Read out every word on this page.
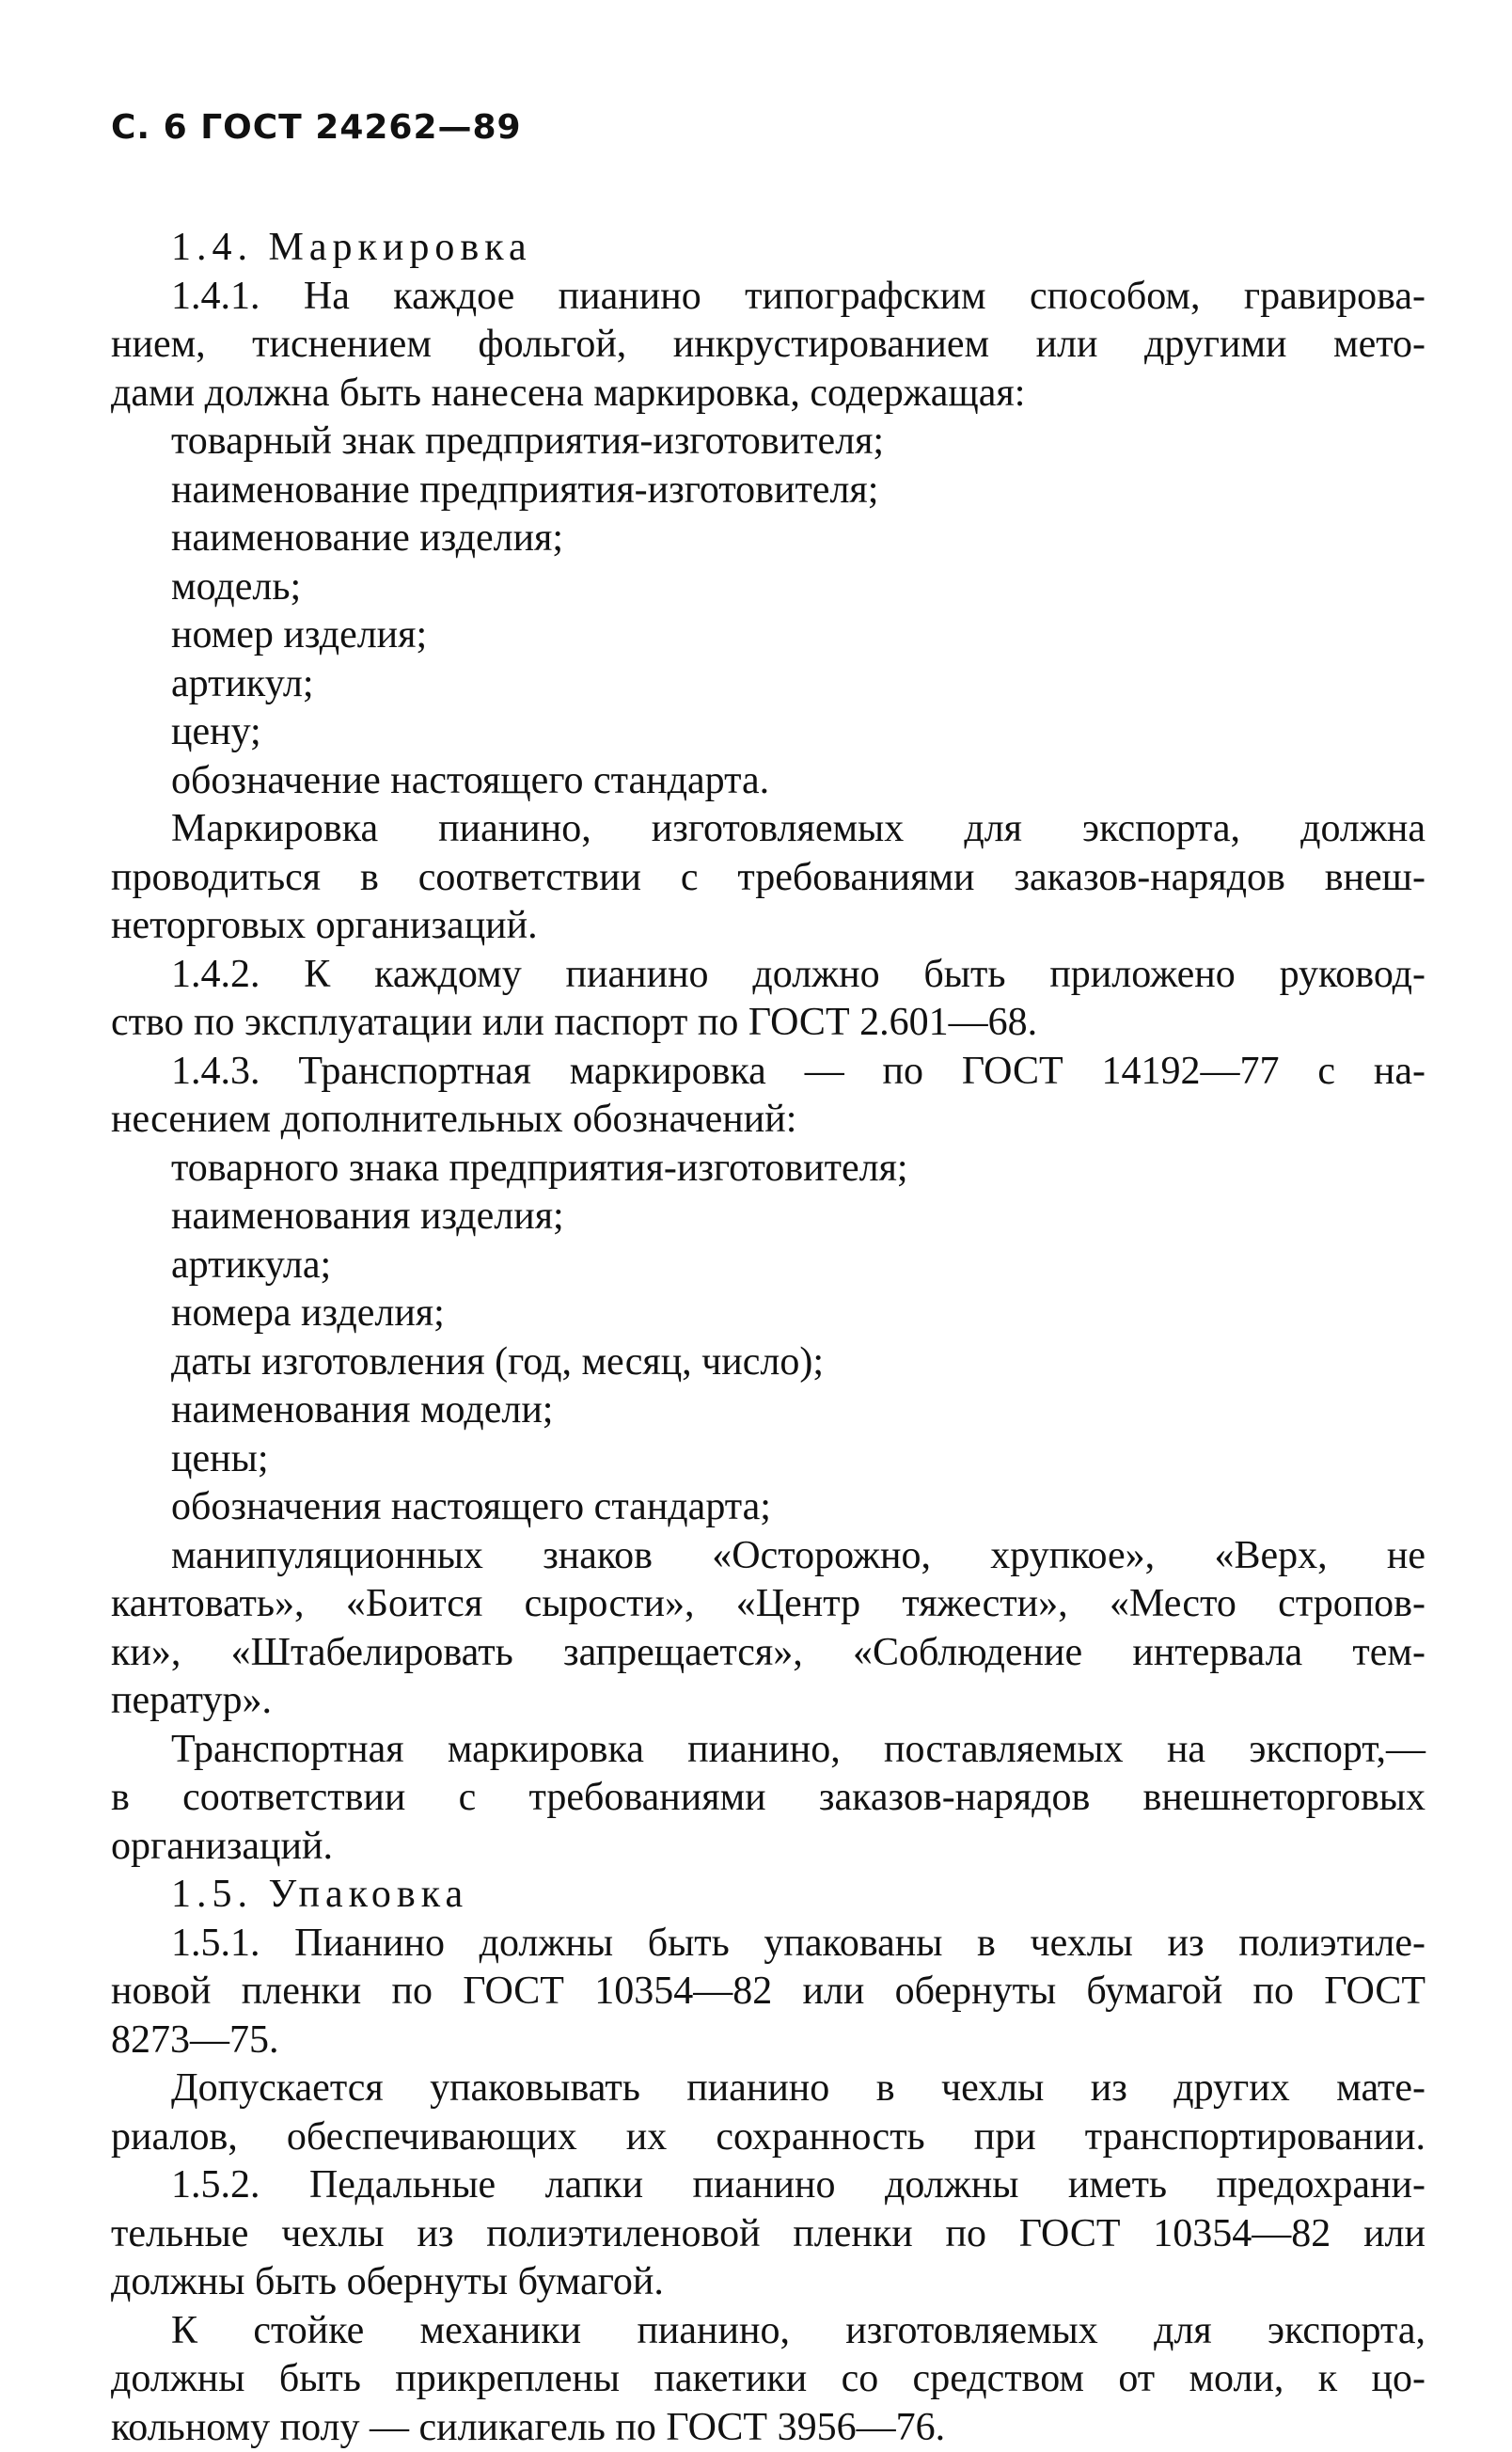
С. 6 ГОСТ 24262—89
1.4. Маркировка
1.4.1. На каждое пианино типографским способом, гравирова-
нием, тиснением фольгой, инкрустированием или другими мето-
дами должна быть нанесена маркировка, содержащая:
товарный знак предприятия-изготовителя;
наименование предприятия-изготовителя;
наименование изделия;
модель;
номер изделия;
артикул;
цену;
обозначение настоящего стандарта.
Маркировка пианино, изготовляемых для экспорта, должна
проводиться в соответствии с требованиями заказов-нарядов внеш-
неторговых организаций.
1.4.2. К каждому пианино должно быть приложено руковод-
ство по эксплуатации или паспорт по ГОСТ 2.601—68.
1.4.3. Транспортная маркировка — по ГОСТ 14192—77 с на-
несением дополнительных обозначений:
товарного знака предприятия-изготовителя;
наименования изделия;
артикула;
номера изделия;
даты изготовления (год, месяц, число);
наименования модели;
цены;
обозначения настоящего стандарта;
манипуляционных знаков «Осторожно, хрупкое», «Верх, не
кантовать», «Боится сырости», «Центр тяжести», «Место стропов-
ки», «Штабелировать запрещается», «Соблюдение интервала тем-
ператур».
Транспортная маркировка пианино, поставляемых на экспорт,—
в соответствии с требованиями заказов-нарядов внешнеторговых
организаций.
1.5. Упаковка
1.5.1. Пианино должны быть упакованы в чехлы из полиэтиле-
новой пленки по ГОСТ 10354—82 или обернуты бумагой по ГОСТ
8273—75.
Допускается упаковывать пианино в чехлы из других мате-
риалов, обеспечивающих их сохранность при транспортировании.
1.5.2. Педальные лапки пианино должны иметь предохрани-
тельные чехлы из полиэтиленовой пленки по ГОСТ 10354—82 или
должны быть обернуты бумагой.
К стойке механики пианино, изготовляемых для экспорта,
должны быть прикреплены пакетики со средством от моли, к цо-
кольному полу — силикагель по ГОСТ 3956—76.
